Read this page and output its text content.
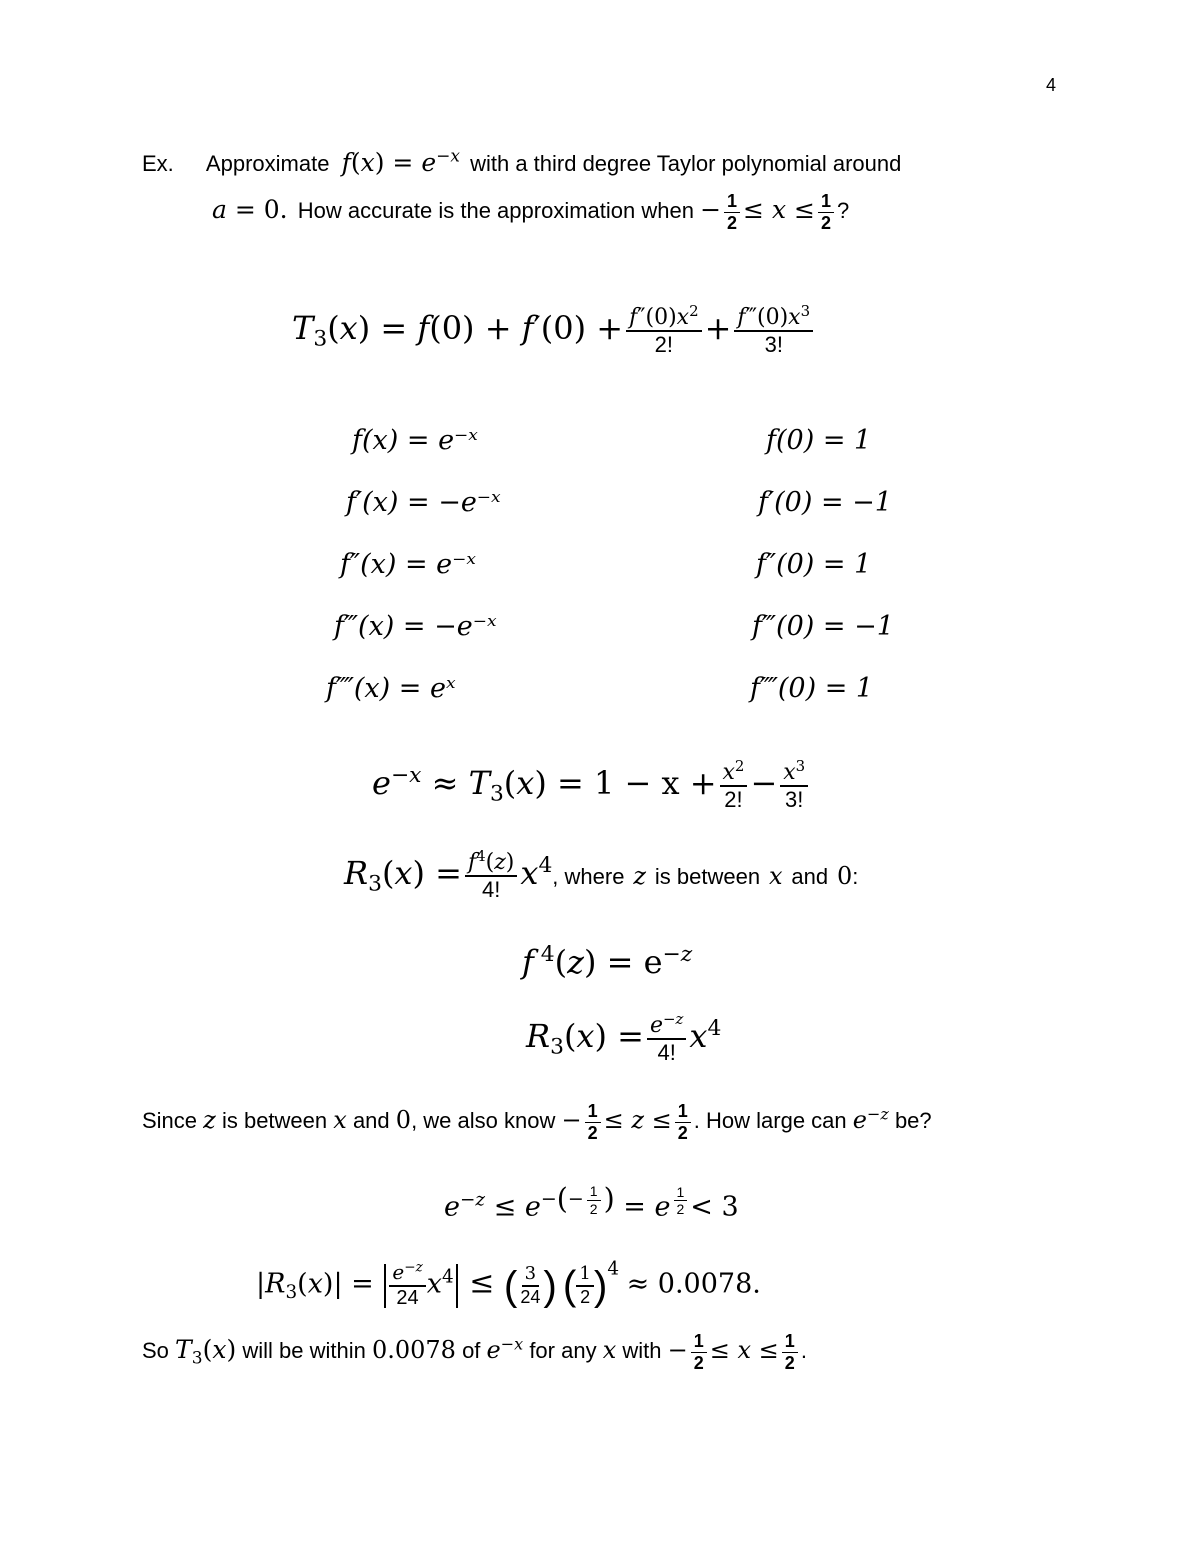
4
Ex. Approximate $f(x) = e^{-x}$ with a third degree Taylor polynomial around
a = 0. How accurate is the approximation when − $\frac{1}{2} \le x \le \frac{1}{2}$ ?
$T_3(x) = f(0) + f'(0) + \frac{f''(0)x^2}{2!} + \frac{f‴(0)x^3}{3!}$
f(x) = e⁻ˣ
f′(x) = −e⁻ˣ
f″(x) = e⁻ˣ
f‴(x) = −e⁻ˣ
f⁗(x) = eˣ
f(0) = 1
f′(0) = −1
f″(0) = 1
f‴(0) = −1
f⁗(0) = 1
$e^{-x} \approx T_3(x) = 1 - x + \frac{x^2}{2!} - \frac{x^3}{3!}$
$R_3(x) = \frac{f^4(z)}{4!} x^4$, where z is between x and 0:
f $^4(z) = e^{-z}$
$R_3(x) = \frac{e^{-z}}{4!} x^4$
Since z is between x and 0, we also know − $\frac{1}{2} \le z \le \frac{1}{2}$ . How large can $e^{-z}$ be?
$e^{-z} \le e^{-(- \frac{1}{2} )} = e$ $^{\frac{1}{2}}$ < 3
$|R_3(x)| = \frac{e^{-z}}{24} x^4$ ≤ ( $\frac{3}{24}$ ) ( $\frac{1}{2} )^4 \approx 0.0078$.
So $T_3(x)$ will be within 0.0078 of $e^{-x}$ for any x with − $\frac{1}{2} \le x \le \frac{1}{2}$ .
